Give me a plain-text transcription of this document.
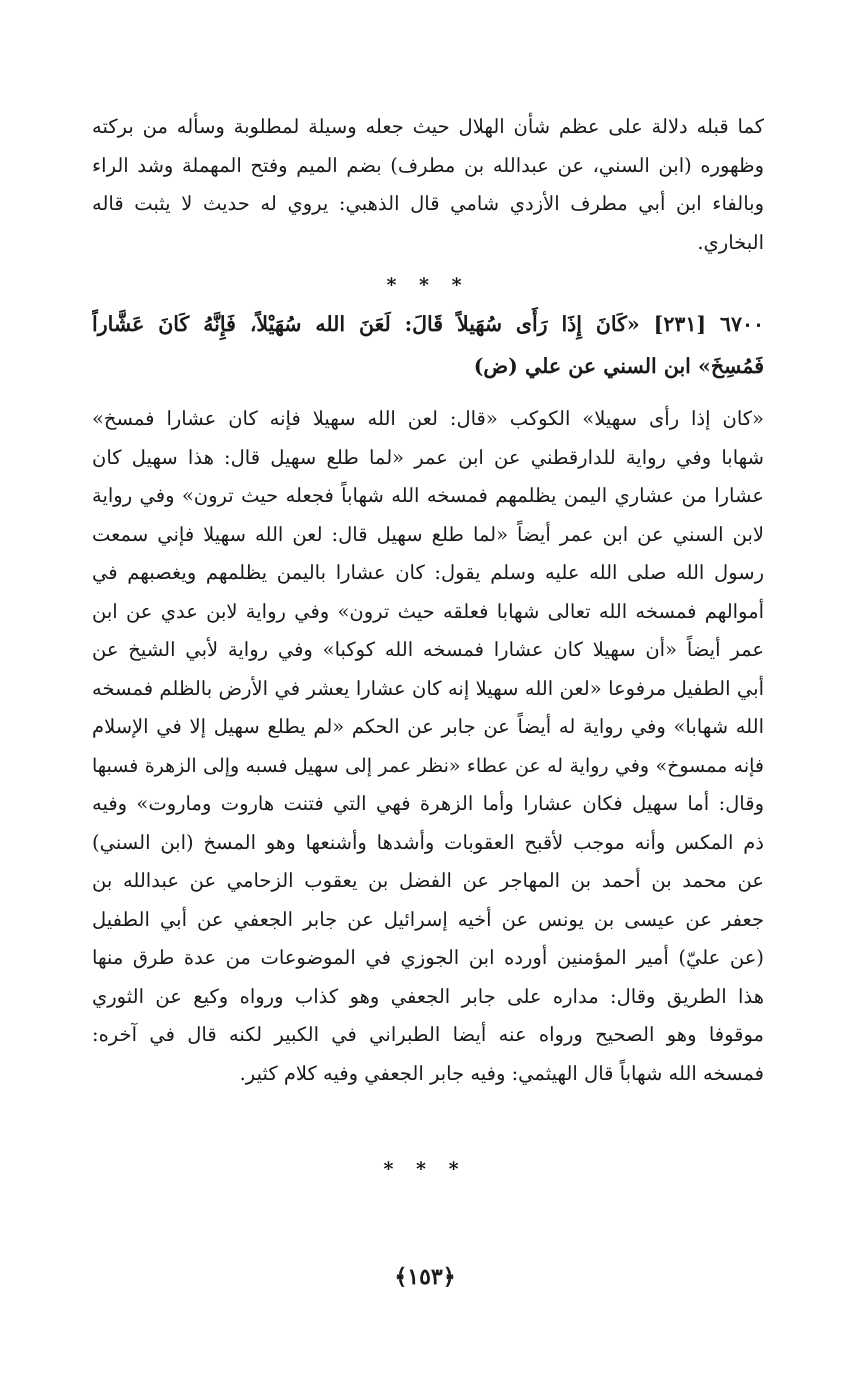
كما قبله دلالة على عظم شأن الهلال حيث جعله وسيلة لمطلوبة وسأله من بركته
وظهوره (ابن السني، عن عبدالله بن مطرف) بضم الميم وفتح المهملة وشد الراء
وبالفاء ابن أبي مطرف الأزدي شامي قال الذهبي: يروي له حديث لا يثبت قاله
البخاري.
* * *
٦٧٠٠ [٢٣١] «كَانَ إِذَا رَأَى سُهَيلاً قَالَ: لَعَنَ الله سُهَيْلاً، فَإِنَّهُ كَانَ عَشَّاراً
فَمُسِخَ» ابن السني عن علي (ض)
«كان إذا رأى سهيلا» الكوكب «قال: لعن الله سهيلا فإنه كان عشارا فمسخ»
شهابا وفي رواية للدارقطني عن ابن عمر «لما طلع سهيل قال: هذا سهيل كان
عشارا من عشاري اليمن يظلمهم فمسخه الله شهاباً فجعله حيث ترون» وفي رواية
لابن السني عن ابن عمر أيضاً «لما طلع سهيل قال: لعن الله سهيلا فإني سمعت
رسول الله صلى الله عليه وسلم يقول: كان عشارا باليمن يظلمهم ويغصبهم في
أموالهم فمسخه الله تعالى شهابا فعلقه حيث ترون» وفي رواية لابن عدي عن ابن
عمر أيضاً «أن سهيلا كان عشارا فمسخه الله كوكبا» وفي رواية لأبي الشيخ عن
أبي الطفيل مرفوعا «لعن الله سهيلا إنه كان عشارا يعشر في الأرض بالظلم فمسخه
الله شهابا» وفي رواية له أيضاً عن جابر عن الحكم «لم يطلع سهيل إلا في الإسلام
فإنه ممسوخ» وفي رواية له عن عطاء «نظر عمر إلى سهيل فسبه وإلى الزهرة فسبها
وقال: أما سهيل فكان عشارا وأما الزهرة فهي التي فتنت هاروت وماروت» وفيه
ذم المكس وأنه موجب لأقبح العقوبات وأشدها وأشنعها وهو المسخ (ابن السني)
عن محمد بن أحمد بن المهاجر عن الفضل بن يعقوب الزحامي عن عبدالله بن
جعفر عن عيسى بن يونس عن أخيه إسرائيل عن جابر الجعفي عن أبي الطفيل
(عن عليّ) أمير المؤمنين أورده ابن الجوزي في الموضوعات من عدة طرق منها
هذا الطريق وقال: مداره على جابر الجعفي وهو كذاب ورواه وكيع عن الثوري
موقوفا وهو الصحيح ورواه عنه أيضا الطبراني في الكبير لكنه قال في آخره:
فمسخه الله شهاباً قال الهيثمي: وفيه جابر الجعفي وفيه كلام كثير.
* * *
﴿١٥٣﴾
